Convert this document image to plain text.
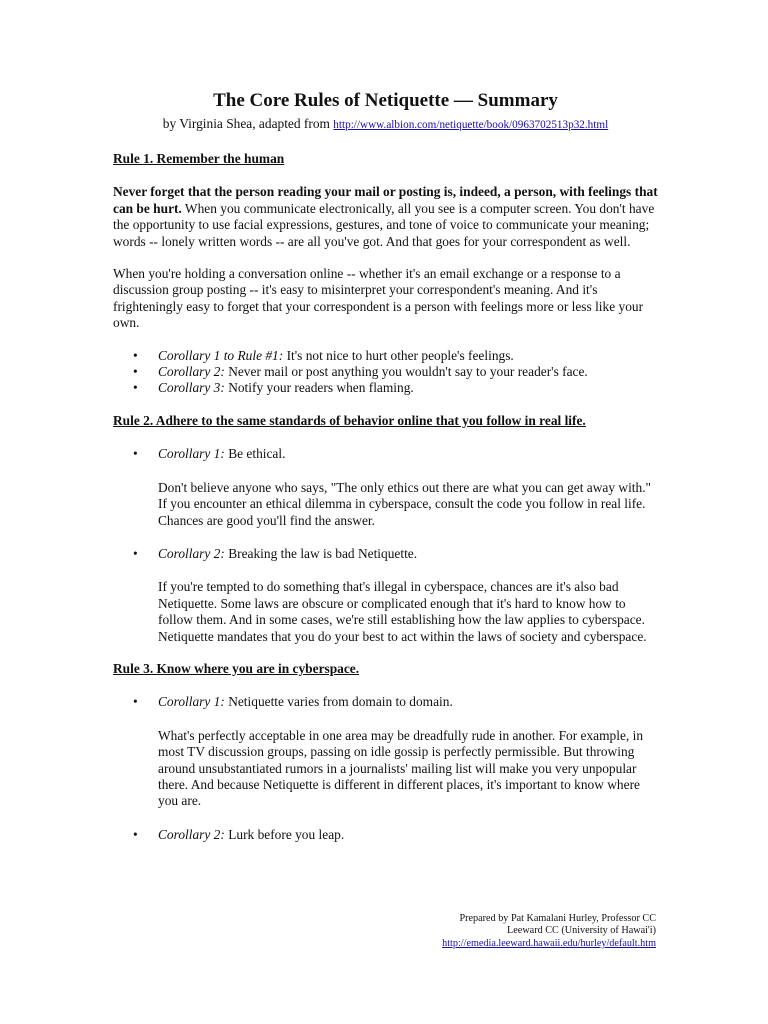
The Core Rules of Netiquette — Summary

by Virginia Shea, adapted from http://www.albion.com/netiquette/book/0963702513p32.html

Rule 1. Remember the human

Never forget that the person reading your mail or posting is, indeed, a person, with feelings that can be hurt. When you communicate electronically, all you see is a computer screen. You don't have the opportunity to use facial expressions, gestures, and tone of voice to communicate your meaning; words -- lonely written words -- are all you've got. And that goes for your correspondent as well.

When you're holding a conversation online -- whether it's an email exchange or a response to a discussion group posting -- it's easy to misinterpret your correspondent's meaning. And it's frighteningly easy to forget that your correspondent is a person with feelings more or less like your own.

• Corollary 1 to Rule #1: It's not nice to hurt other people's feelings.
• Corollary 2: Never mail or post anything you wouldn't say to your reader's face.
• Corollary 3: Notify your readers when flaming.

Rule 2. Adhere to the same standards of behavior online that you follow in real life.

• Corollary 1: Be ethical.

Don't believe anyone who says, "The only ethics out there are what you can get away with." If you encounter an ethical dilemma in cyberspace, consult the code you follow in real life. Chances are good you'll find the answer.

• Corollary 2: Breaking the law is bad Netiquette.

If you're tempted to do something that's illegal in cyberspace, chances are it's also bad Netiquette. Some laws are obscure or complicated enough that it's hard to know how to follow them. And in some cases, we're still establishing how the law applies to cyberspace. Netiquette mandates that you do your best to act within the laws of society and cyberspace.

Rule 3. Know where you are in cyberspace.

• Corollary 1: Netiquette varies from domain to domain.

What's perfectly acceptable in one area may be dreadfully rude in another. For example, in most TV discussion groups, passing on idle gossip is perfectly permissible. But throwing around unsubstantiated rumors in a journalists' mailing list will make you very unpopular there. And because Netiquette is different in different places, it's important to know where you are.

• Corollary 2: Lurk before you leap.
Prepared by Pat Kamalani Hurley, Professor CC
Leeward CC (University of Hawai'i)
http://emedia.leeward.hawaii.edu/hurley/default.htm
